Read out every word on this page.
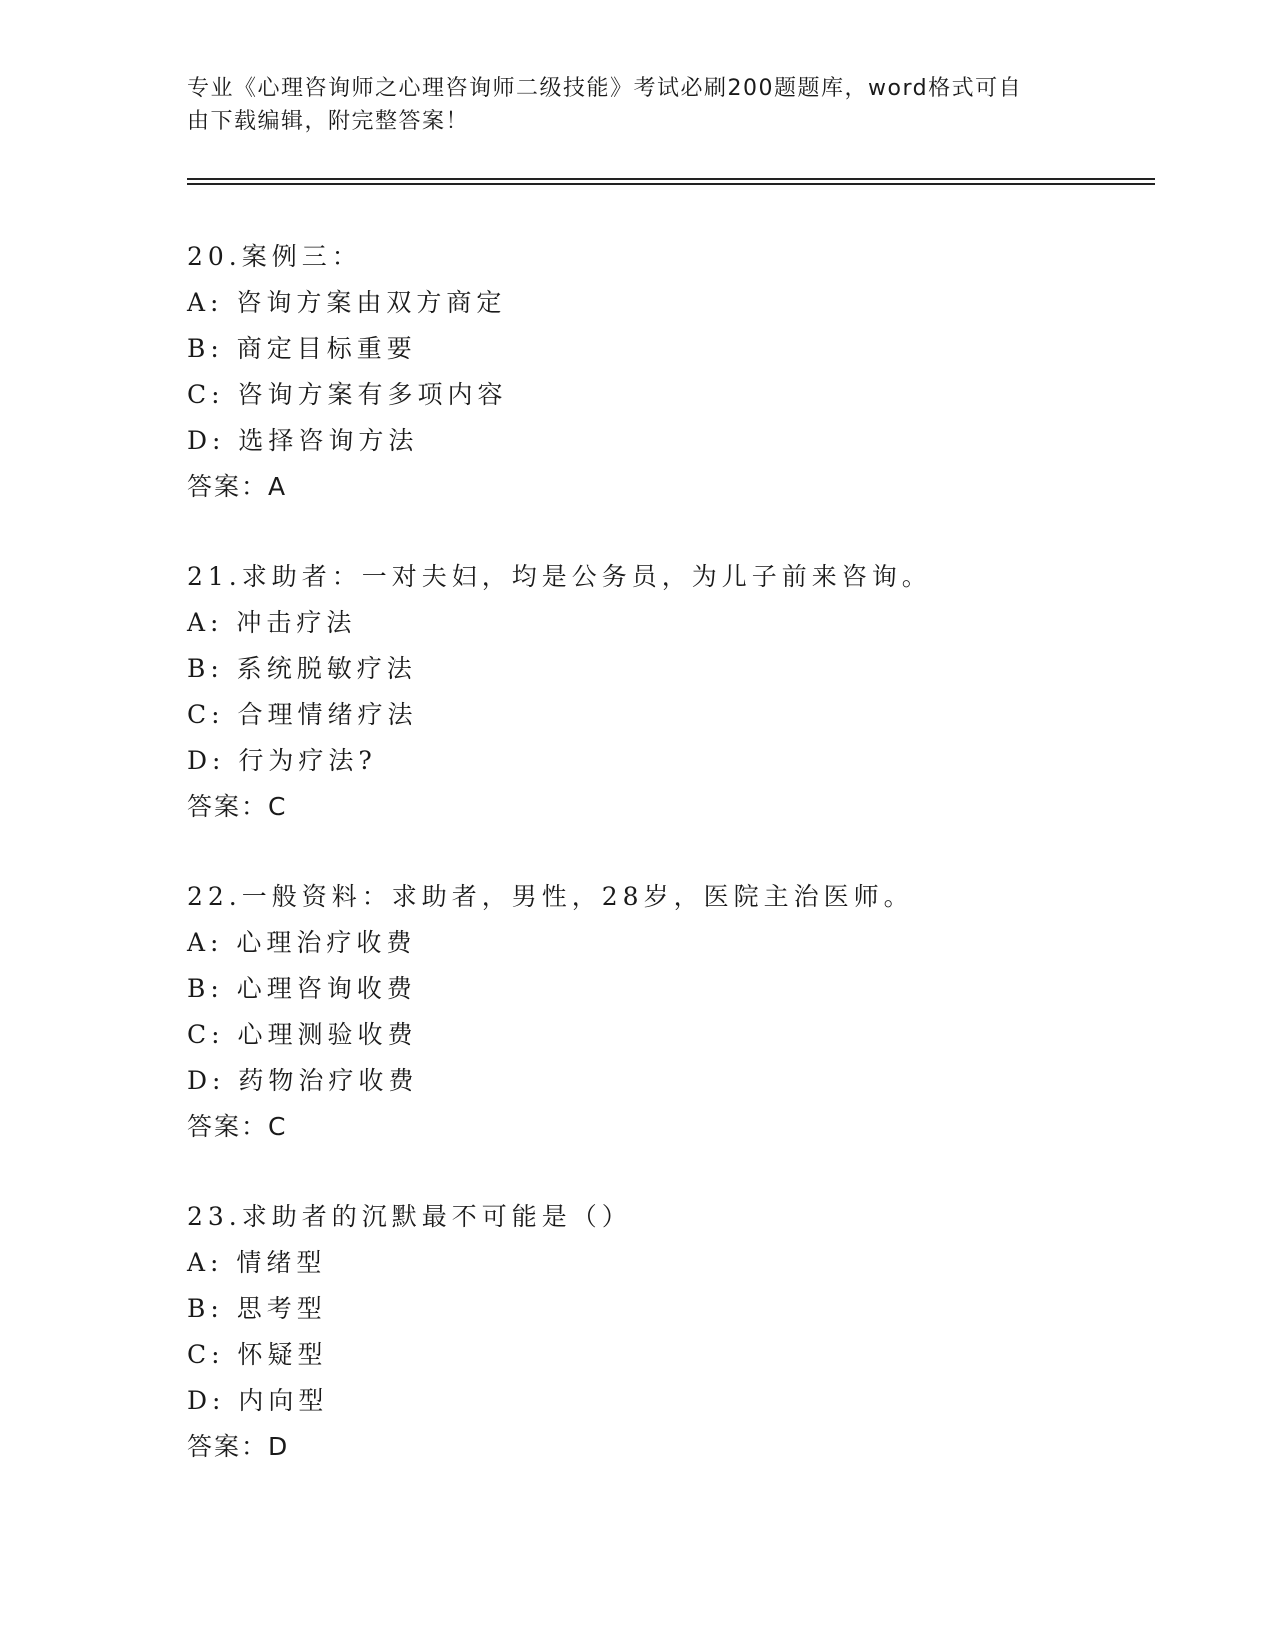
专业《心理咨询师之心理咨询师二级技能》考试必刷200题题库，word格式可自
由下载编辑，附完整答案！
20.案例三：
A: 咨询方案由双方商定
B: 商定目标重要
C: 咨询方案有多项内容
D: 选择咨询方法
答案：A
21.求助者：一对夫妇，均是公务员，为儿子前来咨询。
A: 冲击疗法
B: 系统脱敏疗法
C: 合理情绪疗法
D: 行为疗法?
答案：C
22.一般资料：求助者，男性，28岁，医院主治医师。
A: 心理治疗收费
B: 心理咨询收费
C: 心理测验收费
D: 药物治疗收费
答案：C
23.求助者的沉默最不可能是（）
A: 情绪型
B: 思考型
C: 怀疑型
D: 内向型
答案：D
